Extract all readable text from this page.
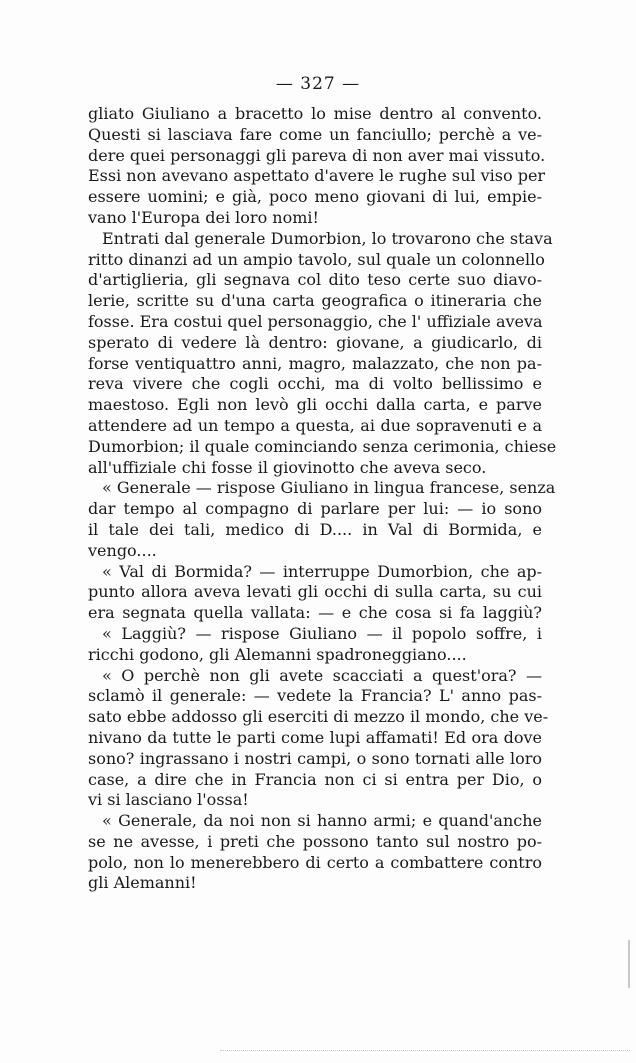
— 327 —
gliato Giuliano a bracetto lo mise dentro al convento.
Questi si lasciava fare come un fanciullo; perchè a ve-
dere quei personaggi gli pareva di non aver mai vissuto.
Essi non avevano aspettato d'avere le rughe sul viso per
essere uomini; e già, poco meno giovani di lui, empie-
vano l'Europa dei loro nomi!
Entrati dal generale Dumorbion, lo trovarono che stava
ritto dinanzi ad un ampio tavolo, sul quale un colonnello
d'artiglieria, gli segnava col dito teso certe suo diavo-
lerie, scritte su d'una carta geografica o itineraria che
fosse. Era costui quel personaggio, che l' uffiziale aveva
sperato di vedere là dentro: giovane, a giudicarlo, di
forse ventiquattro anni, magro, malazzato, che non pa-
reva vivere che cogli occhi, ma di volto bellissimo e
maestoso. Egli non levò gli occhi dalla carta, e parve
attendere ad un tempo a questa, ai due sopravenuti e a
Dumorbion; il quale cominciando senza cerimonia, chiese
all'uffiziale chi fosse il giovinotto che aveva seco.
« Generale — rispose Giuliano in lingua francese, senza
dar tempo al compagno di parlare per lui: — io sono
il tale dei tali, medico di D.... in Val di Bormida, e
vengo....
« Val di Bormida? — interruppe Dumorbion, che ap-
punto allora aveva levati gli occhi di sulla carta, su cui
era segnata quella vallata: — e che cosa si fa laggiù?
« Laggiù? — rispose Giuliano — il popolo soffre, i
ricchi godono, gli Alemanni spadroneggiano....
« O perchè non gli avete scacciati a quest'ora? —
sclamò il generale: — vedete la Francia? L' anno pas-
sato ebbe addosso gli eserciti di mezzo il mondo, che ve-
nivano da tutte le parti come lupi affamati! Ed ora dove
sono? ingrassano i nostri campi, o sono tornati alle loro
case, a dire che in Francia non ci si entra per Dio, o
vi si lasciano l'ossa!
« Generale, da noi non si hanno armi; e quand'anche
se ne avesse, i preti che possono tanto sul nostro po-
polo, non lo menerebbero di certo a combattere contro
gli Alemanni!
